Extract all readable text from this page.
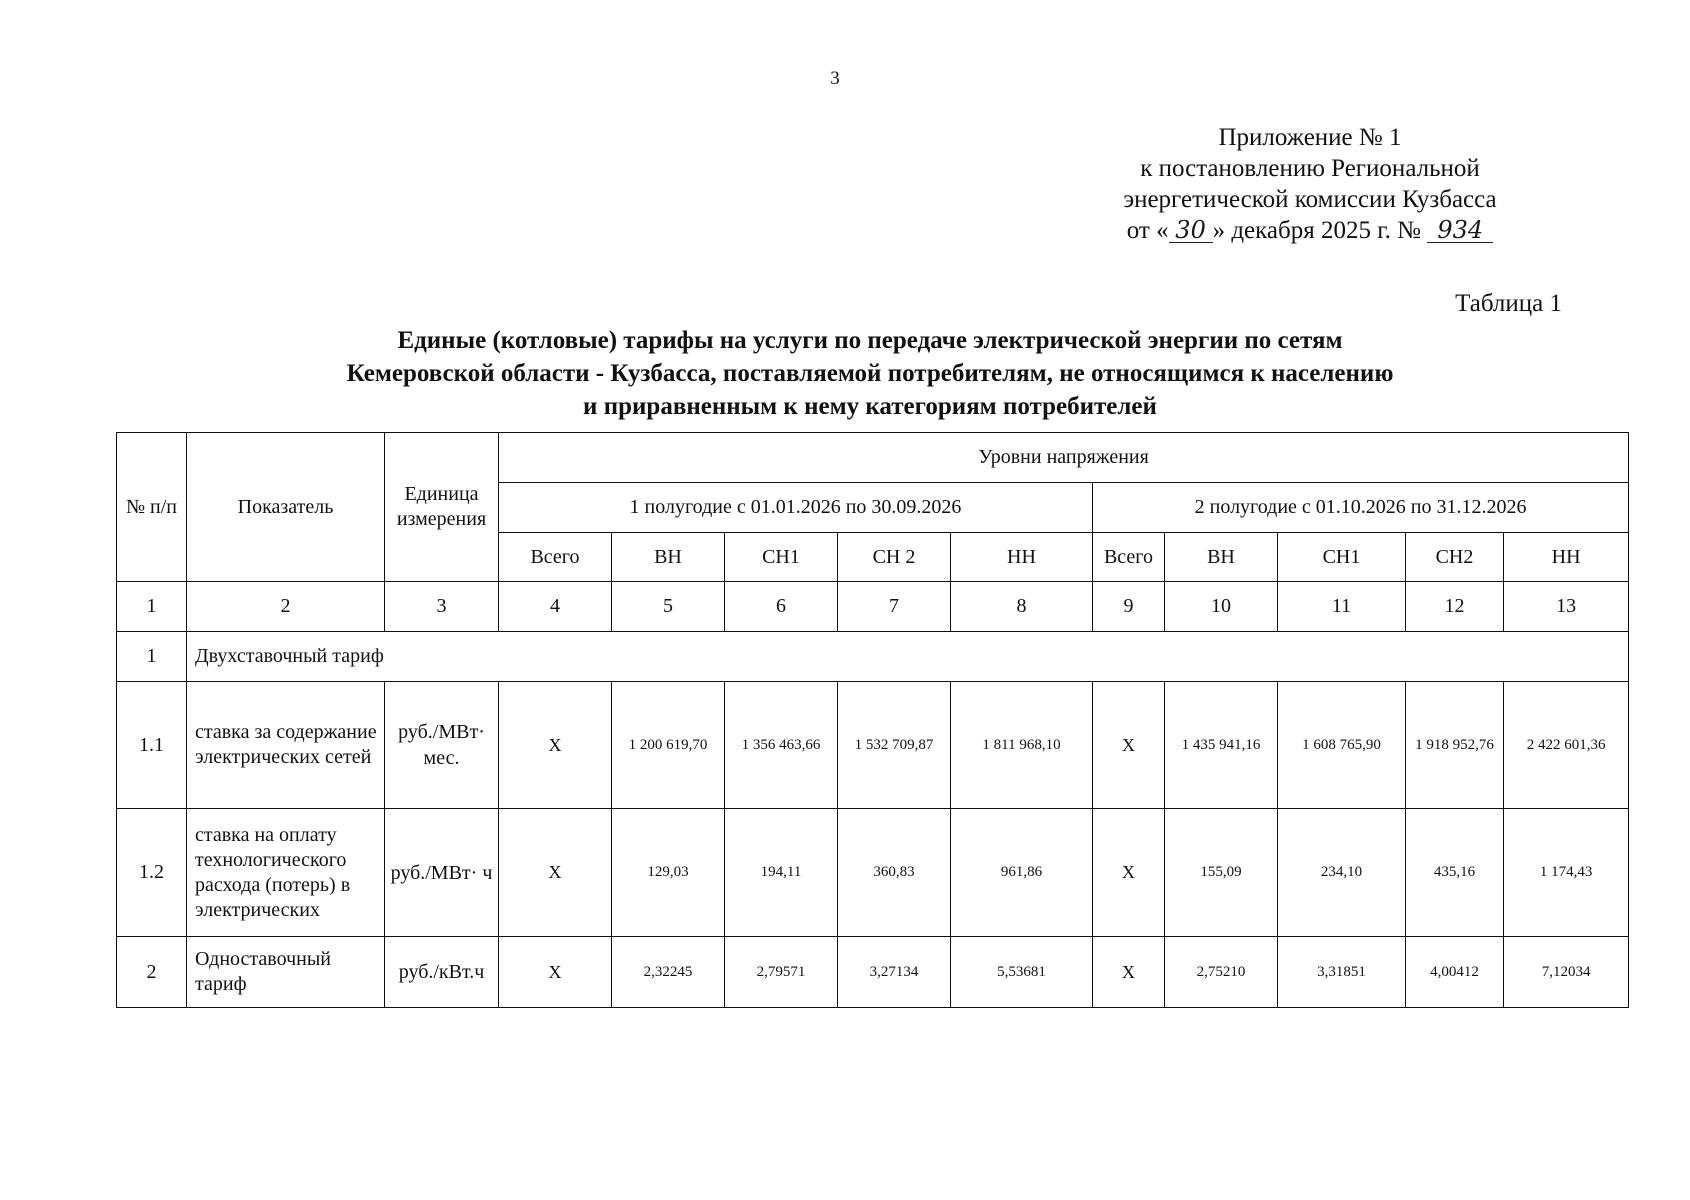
3
Приложение № 1
к постановлению Региональной
энергетической комиссии Кузбасса
от « 30 » декабря 2025 г. № 934
Таблица 1
Единые (котловые) тарифы на услуги по передаче электрической энергии по сетям
Кемеровской области - Кузбасса, поставляемой потребителям, не относящимся к населению
и приравненным к нему категориям потребителей
№ п/п	Показатель	Единица измерения	Уровни напряжения									
			1 полугодие с 01.01.2026 по 30.09.2026					2 полугодие с 01.10.2026 по 31.12.2026				
			Всего	ВН	СН1	СН 2	НН	Всего	ВН	СН1	СН2	НН
1	2	3	4	5	6	7	8	9	10	11	12	13
1	Двухставочный тариф											
1.1	ставка за содержание электрических сетей	руб./МВт· мес.	Х	1 200 619,70	1 356 463,66	1 532 709,87	1 811 968,10	Х	1 435 941,16	1 608 765,90	1 918 952,76	2 422 601,36
1.2	ставка на оплату технологического расхода (потерь) в электрических	руб./МВт· ч	Х	129,03	194,11	360,83	961,86	Х	155,09	234,10	435,16	1 174,43
2	Одноставочный тариф	руб./кВт.ч	Х	2,32245	2,79571	3,27134	5,53681	Х	2,75210	3,31851	4,00412	7,12034
